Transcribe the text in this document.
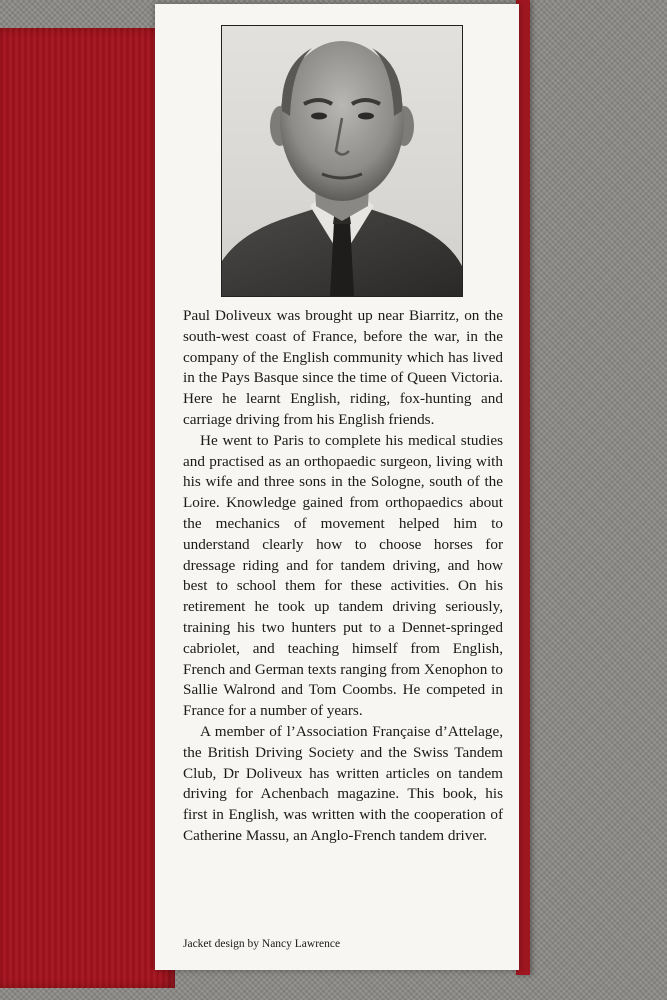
Paul Doliveux was brought up near Biarritz, on the south-west coast of France, before the war, in the company of the English community which has lived in the Pays Basque since the time of Queen Victoria. Here he learnt English, riding, fox-hunting and carriage driving from his English friends.

He went to Paris to complete his medical studies and practised as an orthopaedic surgeon, living with his wife and three sons in the Sologne, south of the Loire. Knowledge gained from orthopaedics about the mechanics of movement helped him to understand clearly how to choose horses for dressage riding and for tandem driving, and how best to school them for these activities. On his retirement he took up tandem driving seriously, training his two hunters put to a Dennet-springed cabriolet, and teaching himself from English, French and German texts ranging from Xenophon to Sallie Walrond and Tom Coombs. He competed in France for a number of years.

A member of l’Association Française d’Attelage, the British Driving Society and the Swiss Tandem Club, Dr Doliveux has written articles on tandem driving for Achenbach magazine. This book, his first in English, was written with the cooperation of Catherine Massu, an Anglo-French tandem driver.

Jacket design by Nancy Lawrence
